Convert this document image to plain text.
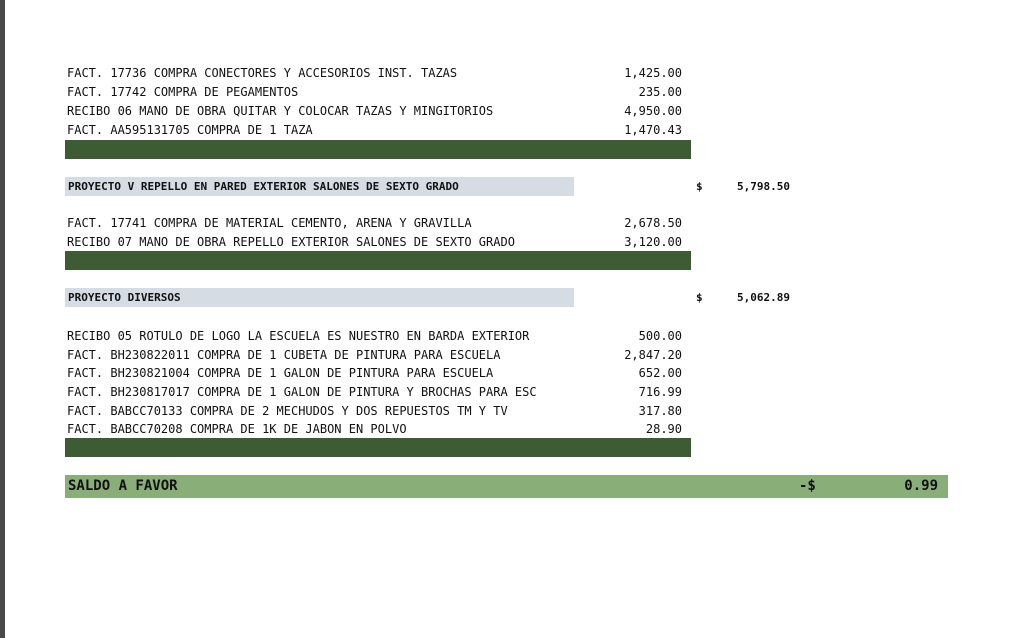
FACT. 17736 COMPRA CONECTORES Y ACCESORIOS INST. TAZAS	1,425.00
FACT. 17742 COMPRA DE PEGAMENTOS	235.00
RECIBO 06 MANO DE OBRA QUITAR Y COLOCAR TAZAS Y MINGITORIOS	4,950.00
FACT. AA595131705 COMPRA DE 1 TAZA	1,470.43
PROYECTO V REPELLO EN PARED EXTERIOR SALONES DE SEXTO GRADO	$	5,798.50
FACT. 17741 COMPRA DE MATERIAL CEMENTO, ARENA Y GRAVILLA	2,678.50
RECIBO 07 MANO DE OBRA REPELLO EXTERIOR SALONES DE SEXTO GRADO	3,120.00
PROYECTO DIVERSOS	$	5,062.89
RECIBO 05 ROTULO DE LOGO LA ESCUELA ES NUESTRO EN BARDA EXTERIOR	500.00
FACT. BH230822011 COMPRA DE 1 CUBETA DE PINTURA PARA ESCUELA	2,847.20
FACT. BH230821004 COMPRA DE 1 GALON DE PINTURA PARA ESCUELA	652.00
FACT. BH230817017 COMPRA DE 1 GALON DE PINTURA Y BROCHAS PARA ESC	716.99
FACT. BABCC70133 COMPRA DE 2 MECHUDOS Y DOS REPUESTOS TM Y TV	317.80
FACT. BABCC70208 COMPRA DE 1K DE JABON EN POLVO	28.90
SALDO A FAVOR	-$	0.99
